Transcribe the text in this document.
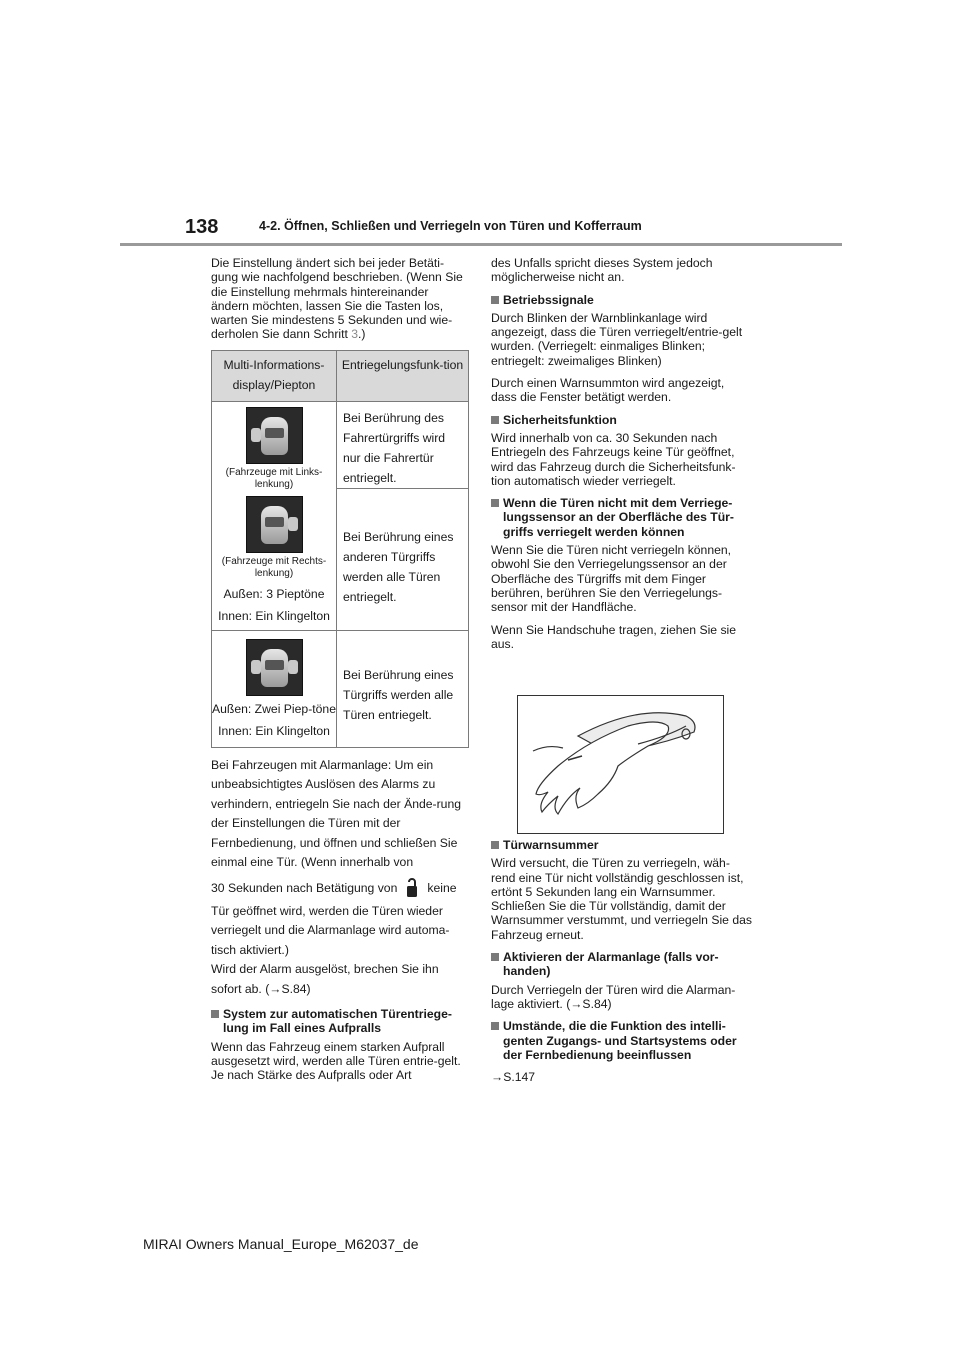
138	4-2. Öffnen, Schließen und Verriegeln von Türen und Kofferraum

Die Einstellung ändert sich bei jeder Betäti-gung wie nachfolgend beschrieben. (Wenn Sie die Einstellung mehrmals hintereinander ändern möchten, lassen Sie die Tasten los, warten Sie mindestens 5 Sekunden und wie-derholen Sie dann Schritt 3.)

Multi-Informations-display/Piepton	Entriegelungsfunk-tion

(Fahrzeuge mit Links-lenkung)
(Fahrzeuge mit Rechts-lenkung)
Außen: 3 Pieptöne
Innen: Ein Klingelton	Bei Berührung des Fahrertürgriffs wird nur die Fahrertür entriegelt.
	Bei Berührung eines anderen Türgriffs werden alle Türen entriegelt.

Außen: Zwei Piep-töne
Innen: Ein Klingelton	Bei Berührung eines Türgriffs werden alle Türen entriegelt.

Bei Fahrzeugen mit Alarmanlage: Um ein unbeabsichtigtes Auslösen des Alarms zu verhindern, entriegeln Sie nach der Ände-rung der Einstellungen die Türen mit der Fernbedienung, und öffnen und schließen Sie einmal eine Tür. (Wenn innerhalb von

30 Sekunden nach Betätigung von keine

Tür geöffnet wird, werden die Türen wieder verriegelt und die Alarmanlage wird automa-tisch aktiviert.)

Wird der Alarm ausgelöst, brechen Sie ihn sofort ab. (→S.84)

System zur automatischen Türentriege-lung im Fall eines Aufpralls

Wenn das Fahrzeug einem starken Aufprall ausgesetzt wird, werden alle Türen entrie-gelt. Je nach Stärke des Aufpralls oder Art

des Unfalls spricht dieses System jedoch möglicherweise nicht an.

Betriebssignale

Durch Blinken der Warnblinkanlage wird angezeigt, dass die Türen verriegelt/entrie-gelt wurden. (Verriegelt: einmaliges Blinken; entriegelt: zweimaliges Blinken)

Durch einen Warnsummton wird angezeigt, dass die Fenster betätigt werden.

Sicherheitsfunktion

Wird innerhalb von ca. 30 Sekunden nach Entriegeln des Fahrzeugs keine Tür geöffnet, wird das Fahrzeug durch die Sicherheitsfunk-tion automatisch wieder verriegelt.

Wenn die Türen nicht mit dem Verriege-lungssensor an der Oberfläche des Tür-griffs verriegelt werden können

Wenn Sie die Türen nicht verriegeln können, obwohl Sie den Verriegelungssensor an der Oberfläche des Türgriffs mit dem Finger berühren, berühren Sie den Verriegelungs-sensor mit der Handfläche.

Wenn Sie Handschuhe tragen, ziehen Sie sie aus.

Türwarnsummer

Wird versucht, die Türen zu verriegeln, wäh-rend eine Tür nicht vollständig geschlossen ist, ertönt 5 Sekunden lang ein Warnsummer. Schließen Sie die Tür vollständig, damit der Warnsummer verstummt, und verriegeln Sie das Fahrzeug erneut.

Aktivieren der Alarmanlage (falls vor-handen)

Durch Verriegeln der Türen wird die Alarman-lage aktiviert. (→S.84)

Umstände, die die Funktion des intelli-genten Zugangs- und Startsystems oder der Fernbedienung beeinflussen

→S.147

MIRAI Owners Manual_Europe_M62037_de
